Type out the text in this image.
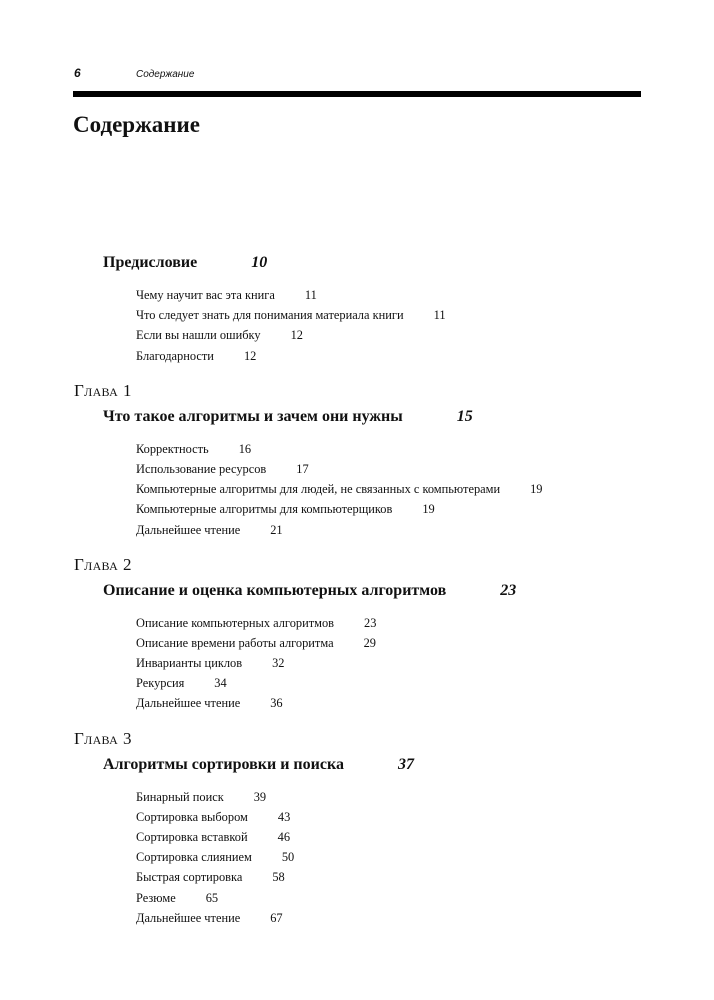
6	Содержание
Содержание
Предисловие	10
Чему научит вас эта книга 11
Что следует знать для понимания материала книги 11
Если вы нашли ошибку 12
Благодарности 12
Глава 1
Что такое алгоритмы и зачем они нужны	15
Корректность 16
Использование ресурсов 17
Компьютерные алгоритмы для людей, не связанных с компьютерами 19
Компьютерные алгоритмы для компьютерщиков 19
Дальнейшее чтение 21
Глава 2
Описание и оценка компьютерных алгоритмов	23
Описание компьютерных алгоритмов 23
Описание времени работы алгоритма 29
Инварианты циклов 32
Рекурсия 34
Дальнейшее чтение 36
Глава 3
Алгоритмы сортировки и поиска	37
Бинарный поиск 39
Сортировка выбором 43
Сортировка вставкой 46
Сортировка слиянием 50
Быстрая сортировка 58
Резюме 65
Дальнейшее чтение 67
